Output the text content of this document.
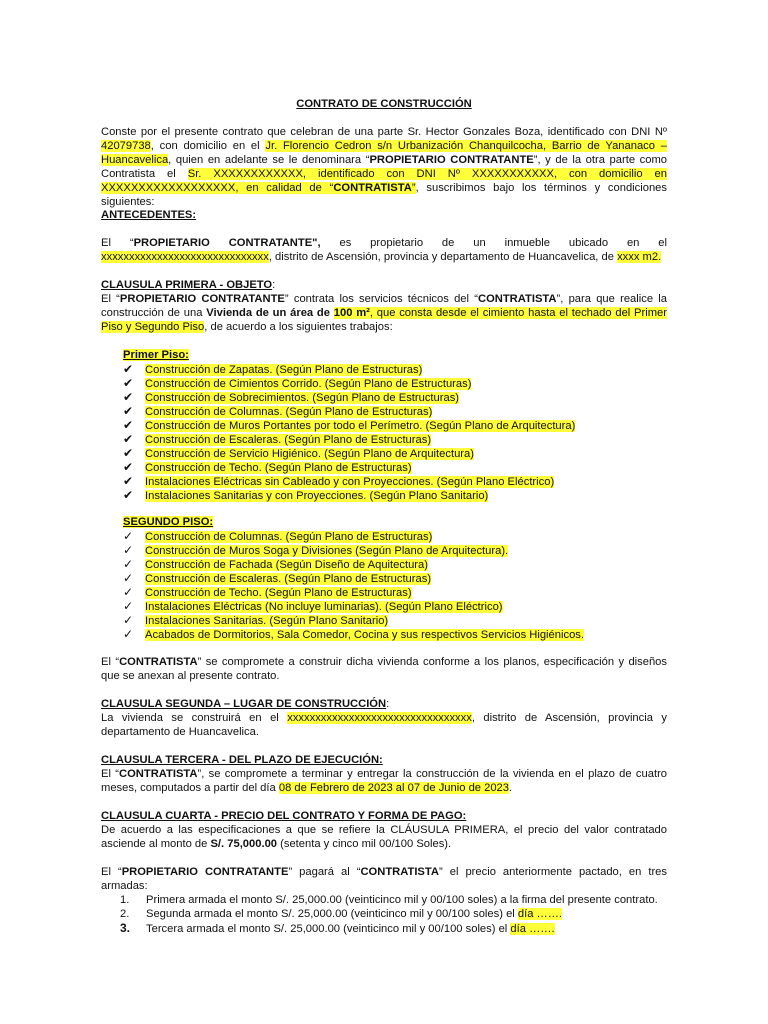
CONTRATO DE CONSTRUCCIÓN
Conste por el presente contrato que celebran de una parte Sr. Hector Gonzales Boza, identificado con DNI Nº 42079738, con domicilio en el Jr. Florencio Cedron s/n Urbanización Chanquilcocha, Barrio de Yananaco – Huancavelica, quien en adelante se le denominara “PROPIETARIO CONTRATANTE”, y de la otra parte como Contratista el Sr. XXXXXXXXXXXX, identificado con DNI Nº XXXXXXXXXXX, con domicilio en XXXXXXXXXXXXXXXXXX, en calidad de “CONTRATISTA”, suscribimos bajo los términos y condiciones siguientes:
ANTECEDENTES:
El “PROPIETARIO CONTRATANTE", es propietario de un inmueble ubicado en el xxxxxxxxxxxxxxxxxxxxxxxxxxxxxx, distrito de Ascensión, provincia y departamento de Huancavelica, de xxxx m2.
CLAUSULA PRIMERA - OBJETO:
El “PROPIETARIO CONTRATANTE” contrata los servicios técnicos del “CONTRATISTA”, para que realice la construcción de una Vivienda de un área de 100 m², que consta desde el cimiento hasta el techado del Primer Piso y Segundo Piso, de acuerdo a los siguientes trabajos:
Primer Piso:
✔ Construcción de Zapatas. (Según Plano de Estructuras)
✔ Construcción de Cimientos Corrido. (Según Plano de Estructuras)
✔ Construcción de Sobrecimientos. (Según Plano de Estructuras)
✔ Construcción de Columnas. (Según Plano de Estructuras)
✔ Construcción de Muros Portantes por todo el Perímetro. (Según Plano de Arquitectura)
✔ Construcción de Escaleras. (Según Plano de Estructuras)
✔ Construcción de Servicio Higiénico. (Según Plano de Arquitectura)
✔ Construcción de Techo. (Según Plano de Estructuras)
✔ Instalaciones Eléctricas sin Cableado y con Proyecciones. (Según Plano Eléctrico)
✔ Instalaciones Sanitarias y con Proyecciones. (Según Plano Sanitario)
SEGUNDO PISO:
✓ Construcción de Columnas. (Según Plano de Estructuras)
✓ Construcción de Muros Soga y Divisiones (Según Plano de Arquitectura).
✓ Construcción de Fachada (Según Diseño de Aquitectura)
✓ Construcción de Escaleras. (Según Plano de Estructuras)
✓ Construcción de Techo. (Según Plano de Estructuras)
✓ Instalaciones Eléctricas (No incluye luminarias). (Según Plano Eléctrico)
✓ Instalaciones Sanitarias. (Según Plano Sanitario)
✓ Acabados de Dormitorios, Sala Comedor, Cocina y sus respectivos Servicios Higiénicos.
El “CONTRATISTA” se compromete a construir dicha vivienda conforme a los planos, especificación y diseños que se anexan al presente contrato.
CLAUSULA SEGUNDA – LUGAR DE CONSTRUCCIÓN:
La vivienda se construirá en el xxxxxxxxxxxxxxxxxxxxxxxxxxxxxxxxx, distrito de Ascensión, provincia y departamento de Huancavelica.
CLAUSULA TERCERA - DEL PLAZO DE EJECUCIÓN:
El “CONTRATISTA”, se compromete a terminar y entregar la construcción de la vivienda en el plazo de cuatro meses, computados a partir del día 08 de Febrero de 2023 al 07 de Junio de 2023.
CLAUSULA CUARTA - PRECIO DEL CONTRATO Y FORMA DE PAGO:
De acuerdo a las especificaciones a que se refiere la CLÁUSULA PRIMERA, el precio del valor contratado asciende al monto de S/. 75,000.00 (setenta y cinco mil 00/100 Soles).
El “PROPIETARIO CONTRATANTE” pagará al “CONTRATISTA” el precio anteriormente pactado, en tres armadas:
1. Primera armada el monto S/. 25,000.00 (veinticinco mil y 00/100 soles) a la firma del presente contrato.
2. Segunda armada el monto S/. 25,000.00 (veinticinco mil y 00/100 soles) el día …….
3. Tercera armada el monto S/. 25,000.00 (veinticinco mil y 00/100 soles) el día …….
